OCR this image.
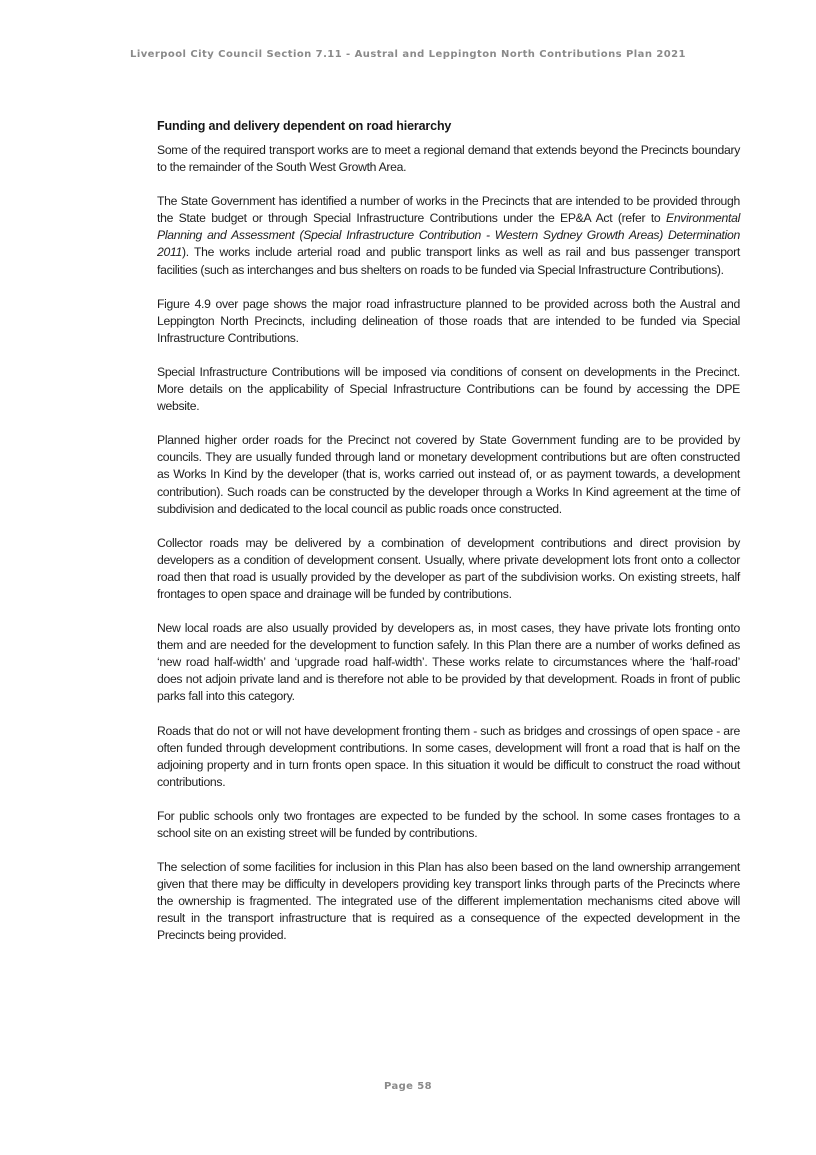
Liverpool City Council Section 7.11 - Austral and Leppington North Contributions Plan 2021
Funding and delivery dependent on road hierarchy

Some of the required transport works are to meet a regional demand that extends beyond the Precincts boundary to the remainder of the South West Growth Area.

The State Government has identified a number of works in the Precincts that are intended to be provided through the State budget or through Special Infrastructure Contributions under the EP&A Act (refer to Environmental Planning and Assessment (Special Infrastructure Contribution - Western Sydney Growth Areas) Determination 2011). The works include arterial road and public transport links as well as rail and bus passenger transport facilities (such as interchanges and bus shelters on roads to be funded via Special Infrastructure Contributions).

Figure 4.9 over page shows the major road infrastructure planned to be provided across both the Austral and Leppington North Precincts, including delineation of those roads that are intended to be funded via Special Infrastructure Contributions.

Special Infrastructure Contributions will be imposed via conditions of consent on developments in the Precinct. More details on the applicability of Special Infrastructure Contributions can be found by accessing the DPE website.

Planned higher order roads for the Precinct not covered by State Government funding are to be provided by councils. They are usually funded through land or monetary development contributions but are often constructed as Works In Kind by the developer (that is, works carried out instead of, or as payment towards, a development contribution). Such roads can be constructed by the developer through a Works In Kind agreement at the time of subdivision and dedicated to the local council as public roads once constructed.

Collector roads may be delivered by a combination of development contributions and direct provision by developers as a condition of development consent. Usually, where private development lots front onto a collector road then that road is usually provided by the developer as part of the subdivision works. On existing streets, half frontages to open space and drainage will be funded by contributions.

New local roads are also usually provided by developers as, in most cases, they have private lots fronting onto them and are needed for the development to function safely. In this Plan there are a number of works defined as ‘new road half-width’ and ‘upgrade road half-width’. These works relate to circumstances where the ‘half-road’ does not adjoin private land and is therefore not able to be provided by that development. Roads in front of public parks fall into this category.

Roads that do not or will not have development fronting them - such as bridges and crossings of open space - are often funded through development contributions. In some cases, development will front a road that is half on the adjoining property and in turn fronts open space. In this situation it would be difficult to construct the road without contributions.

For public schools only two frontages are expected to be funded by the school. In some cases frontages to a school site on an existing street will be funded by contributions.

The selection of some facilities for inclusion in this Plan has also been based on the land ownership arrangement given that there may be difficulty in developers providing key transport links through parts of the Precincts where the ownership is fragmented. The integrated use of the different implementation mechanisms cited above will result in the transport infrastructure that is required as a consequence of the expected development in the Precincts being provided.

Page 58
